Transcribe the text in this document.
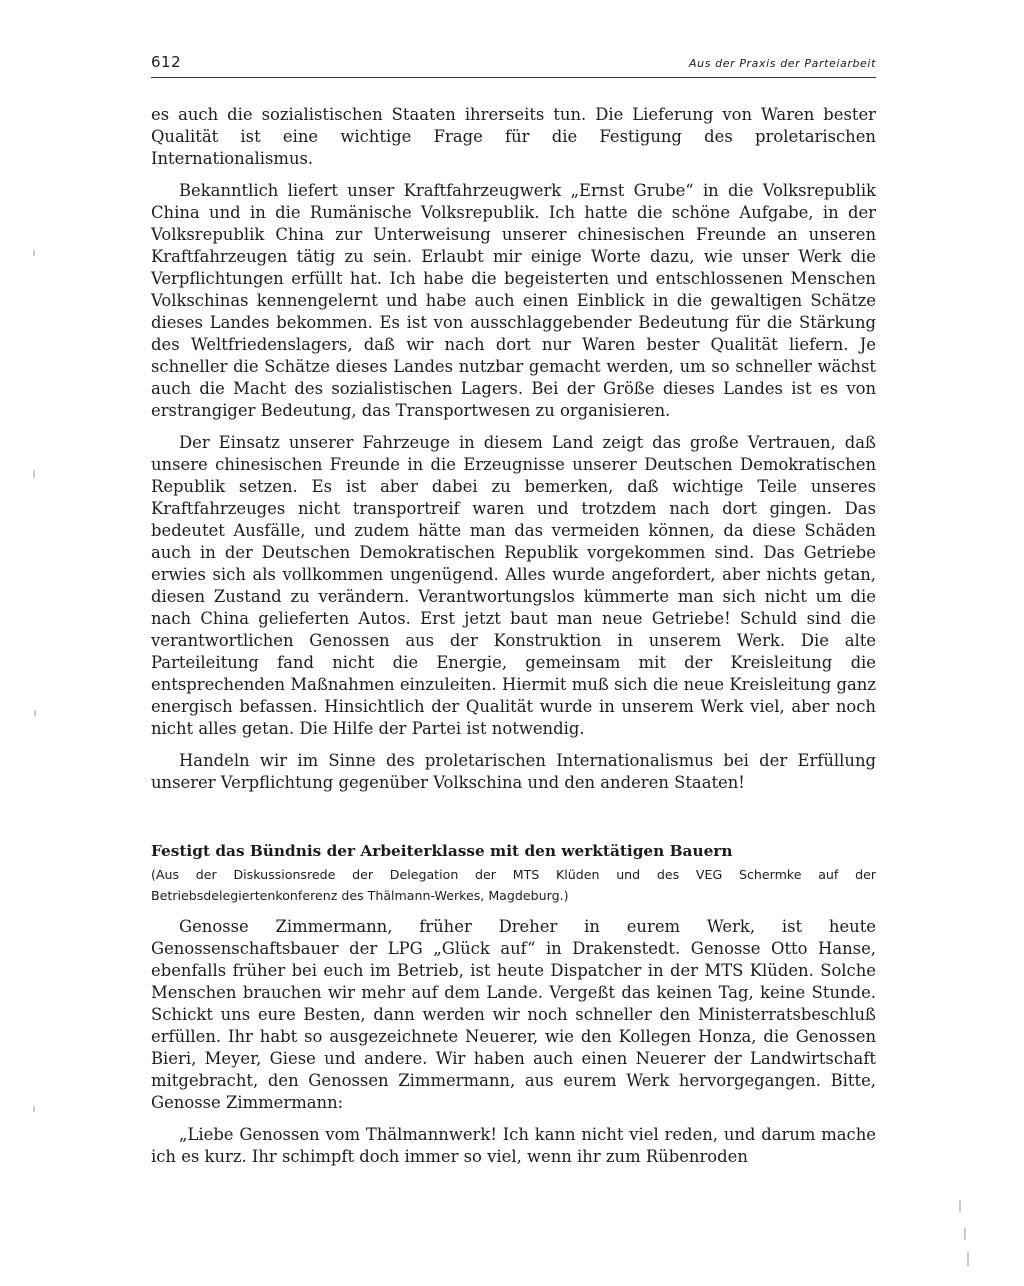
612	Aus der Praxis der Parteiarbeit

es auch die sozialistischen Staaten ihrerseits tun. Die Lieferung von Waren bester Qualität ist eine wichtige Frage für die Festigung des proletarischen Internationalismus.

Bekanntlich liefert unser Kraftfahrzeugwerk „Ernst Grube“ in die Volksrepublik China und in die Rumänische Volksrepublik. Ich hatte die schöne Aufgabe, in der Volksrepublik China zur Unterweisung unserer chinesischen Freunde an unseren Kraftfahrzeugen tätig zu sein. Erlaubt mir einige Worte dazu, wie unser Werk die Verpflichtungen erfüllt hat. Ich habe die begeisterten und entschlossenen Menschen Volkschinas kennengelernt und habe auch einen Einblick in die gewaltigen Schätze dieses Landes bekommen. Es ist von ausschlaggebender Bedeutung für die Stärkung des Weltfriedenslagers, daß wir nach dort nur Waren bester Qualität liefern. Je schneller die Schätze dieses Landes nutzbar gemacht werden, um so schneller wächst auch die Macht des sozialistischen Lagers. Bei der Größe dieses Landes ist es von erstrangiger Bedeutung, das Transportwesen zu organisieren.

Der Einsatz unserer Fahrzeuge in diesem Land zeigt das große Vertrauen, daß unsere chinesischen Freunde in die Erzeugnisse unserer Deutschen Demokratischen Republik setzen. Es ist aber dabei zu bemerken, daß wichtige Teile unseres Kraftfahrzeuges nicht transportreif waren und trotzdem nach dort gingen. Das bedeutet Ausfälle, und zudem hätte man das vermeiden können, da diese Schäden auch in der Deutschen Demokratischen Republik vorgekommen sind. Das Getriebe erwies sich als vollkommen ungenügend. Alles wurde angefordert, aber nichts getan, diesen Zustand zu verändern. Verantwortungslos kümmerte man sich nicht um die nach China gelieferten Autos. Erst jetzt baut man neue Getriebe! Schuld sind die verantwortlichen Genossen aus der Konstruktion in unserem Werk. Die alte Parteileitung fand nicht die Energie, gemeinsam mit der Kreisleitung die entsprechenden Maßnahmen einzuleiten. Hiermit muß sich die neue Kreisleitung ganz energisch befassen. Hinsichtlich der Qualität wurde in unserem Werk viel, aber noch nicht alles getan. Die Hilfe der Partei ist notwendig.

Handeln wir im Sinne des proletarischen Internationalismus bei der Erfüllung unserer Verpflichtung gegenüber Volkschina und den anderen Staaten!

Festigt das Bündnis der Arbeiterklasse mit den werktätigen Bauern

(Aus der Diskussionsrede der Delegation der MTS Klüden und des VEG Schermke auf der Betriebsdelegiertenkonferenz des Thälmann-Werkes, Magdeburg.)

Genosse Zimmermann, früher Dreher in eurem Werk, ist heute Genossenschaftsbauer der LPG „Glück auf“ in Drakenstedt. Genosse Otto Hanse, ebenfalls früher bei euch im Betrieb, ist heute Dispatcher in der MTS Klüden. Solche Menschen brauchen wir mehr auf dem Lande. Vergeßt das keinen Tag, keine Stunde. Schickt uns eure Besten, dann werden wir noch schneller den Ministerratsbeschluß erfüllen. Ihr habt so ausgezeichnete Neuerer, wie den Kollegen Honza, die Genossen Bieri, Meyer, Giese und andere. Wir haben auch einen Neuerer der Landwirtschaft mitgebracht, den Genossen Zimmermann, aus eurem Werk hervorgegangen. Bitte, Genosse Zimmermann:

„Liebe Genossen vom Thälmannwerk! Ich kann nicht viel reden, und darum mache ich es kurz. Ihr schimpft doch immer so viel, wenn ihr zum Rübenroden
